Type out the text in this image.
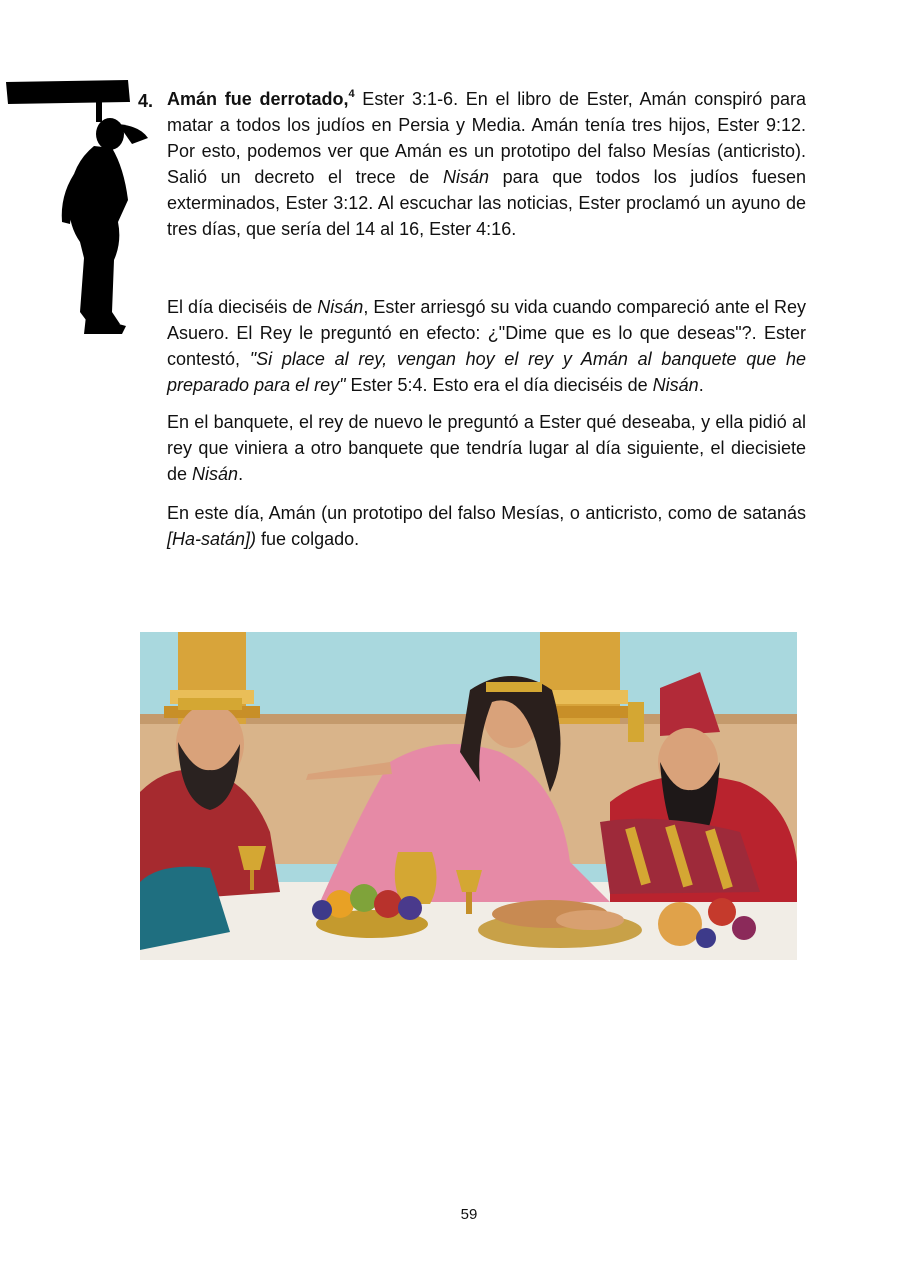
4. Amán fue derrotado,$^4$ Ester 3:1-6. En el libro de Ester, Amán conspiró para matar a todos los judíos en Persia y Media. Amán tenía tres hijos, Ester 9:12. Por esto, podemos ver que Amán es un prototipo del falso Mesías (anticristo). Salió un decreto el trece de Nisán para que todos los judíos fuesen exterminados, Ester 3:12. Al escuchar las noticias, Ester proclamó un ayuno de tres días, que sería del 14 al 16, Ester 4:16.

El día dieciséis de Nisán, Ester arriesgó su vida cuando compareció ante el Rey Asuero. El Rey le preguntó en efecto: ¿"Dime que es lo que deseas"?. Ester contestó, "Si place al rey, vengan hoy el rey y Amán al banquete que he preparado para el rey" Ester 5:4. Esto era el día dieciséis de Nisán.

En el banquete, el rey de nuevo le preguntó a Ester qué deseaba, y ella pidió al rey que viniera a otro banquete que tendría lugar al día siguiente, el diecisiete de Nisán.

En este día, Amán (un prototipo del falso Mesías, o anticristo, como de satanás [Ha-satán]) fue colgado.

59
